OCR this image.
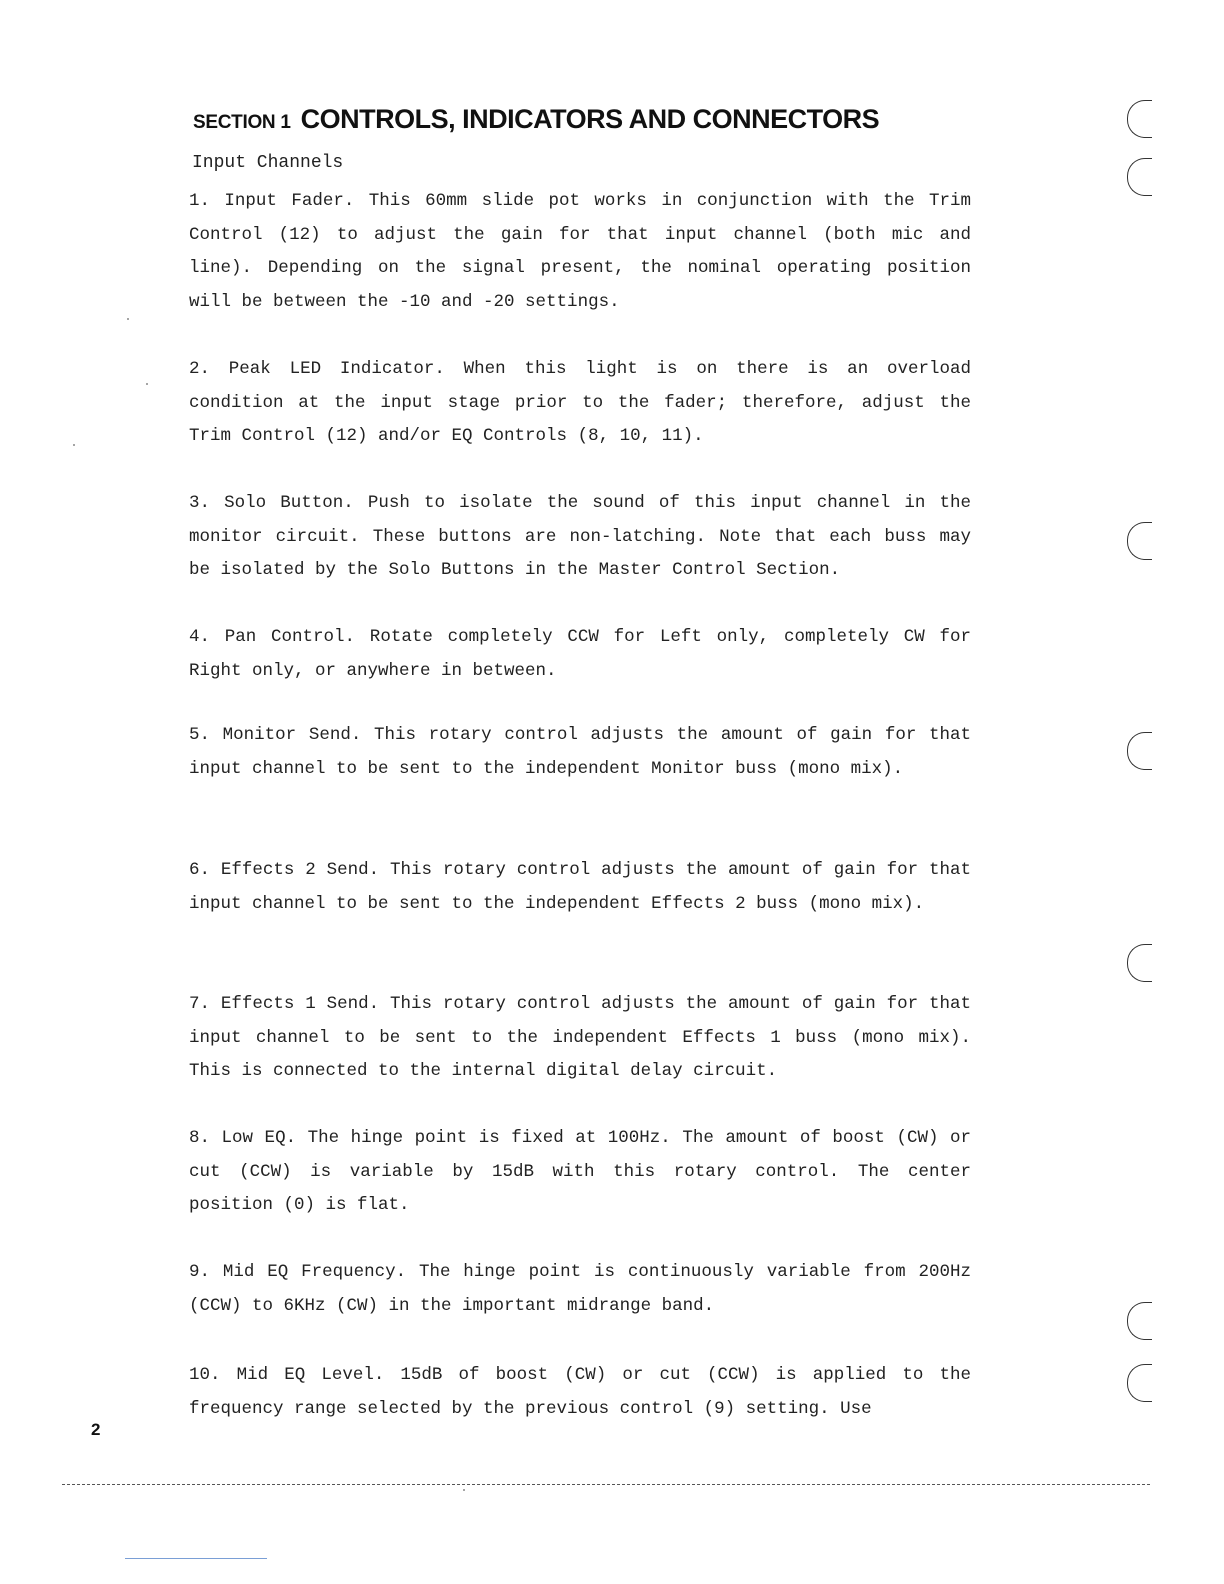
SECTION 1 CONTROLS, INDICATORS AND CONNECTORS
Input Channels

1. Input Fader. This 60mm slide pot works in conjunction with the Trim Control (12) to adjust the gain for that input channel (both mic and line). Depending on the signal present, the nominal operating position will be between the -10 and -20 settings.

2. Peak LED Indicator. When this light is on there is an overload condition at the input stage prior to the fader; therefore, adjust the Trim Control (12) and/or EQ Controls (8, 10, 11).

3. Solo Button. Push to isolate the sound of this input channel in the monitor circuit. These buttons are non-latching. Note that each buss may be isolated by the Solo Buttons in the Master Control Section.

4. Pan Control. Rotate completely CCW for Left only, completely CW for Right only, or anywhere in between.

5. Monitor Send. This rotary control adjusts the amount of gain for that input channel to be sent to the independent Monitor buss (mono mix).

6. Effects 2 Send. This rotary control adjusts the amount of gain for that input channel to be sent to the independent Effects 2 buss (mono mix).

7. Effects 1 Send. This rotary control adjusts the amount of gain for that input channel to be sent to the independent Effects 1 buss (mono mix). This is connected to the internal digital delay circuit.

8. Low EQ. The hinge point is fixed at 100Hz. The amount of boost (CW) or cut (CCW) is variable by 15dB with this rotary control. The center position (0) is flat.

9. Mid EQ Frequency. The hinge point is continuously variable from 200Hz (CCW) to 6KHz (CW) in the important midrange band.

10. Mid EQ Level. 15dB of boost (CW) or cut (CCW) is applied to the frequency range selected by the previous control (9) setting. Use

2
